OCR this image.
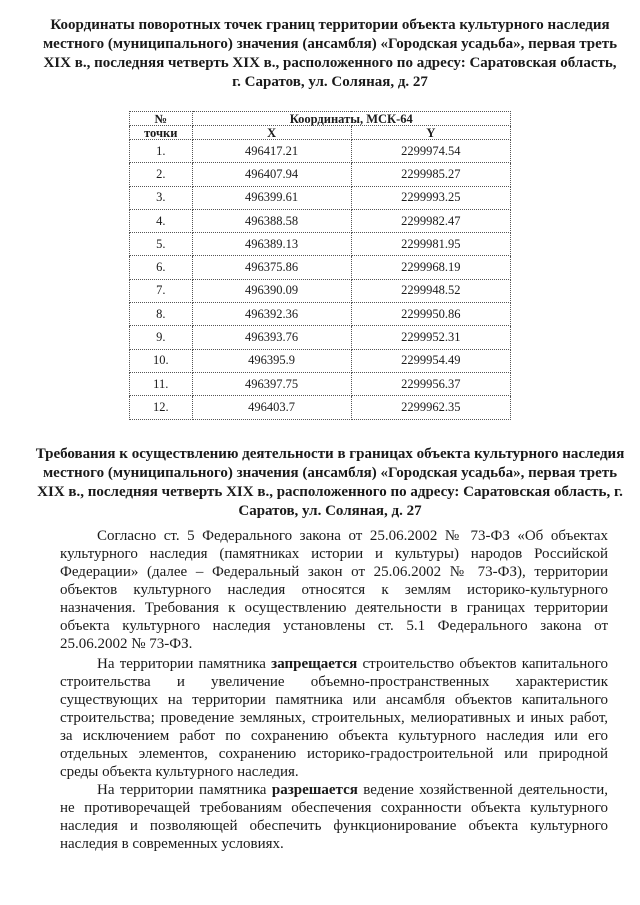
Координаты поворотных точек границ территории объекта культурного наследия местного (муниципального) значения (ансамбля) «Городская усадьба», первая треть XIX в., последняя четверть XIX в., расположенного по адресу: Саратовская область, г. Саратов, ул. Соляная, д. 27
№	Координаты, МСК-64	
точки	X	Y
1.	496417.21	2299974.54
2.	496407.94	2299985.27
3.	496399.61	2299993.25
4.	496388.58	2299982.47
5.	496389.13	2299981.95
6.	496375.86	2299968.19
7.	496390.09	2299948.52
8.	496392.36	2299950.86
9.	496393.76	2299952.31
10.	496395.9	2299954.49
11.	496397.75	2299956.37
12.	496403.7	2299962.35
Требования к осуществлению деятельности в границах объекта культурного наследия местного (муниципального) значения (ансамбля) «Городская усадьба», первая треть XIX в., последняя четверть XIX в., расположенного по адресу: Саратовская область, г. Саратов, ул. Соляная, д. 27
Согласно ст. 5 Федерального закона от 25.06.2002 № 73-ФЗ «Об объектах культурного наследия (памятниках истории и культуры) народов Российской Федерации» (далее – Федеральный закон от 25.06.2002 № 73-ФЗ), территории объектов культурного наследия относятся к землям историко-культурного назначения. Требования к осуществлению деятельности в границах территории объекта культурного наследия установлены ст. 5.1 Федерального закона от 25.06.2002 № 73-ФЗ.
На территории памятника запрещается строительство объектов капитального строительства и увеличение объемно-пространственных характеристик существующих на территории памятника или ансамбля объектов капитального строительства; проведение земляных, строительных, мелиоративных и иных работ, за исключением работ по сохранению объекта культурного наследия или его отдельных элементов, сохранению историко-градостроительной или природной среды объекта культурного наследия.
На территории памятника разрешается ведение хозяйственной деятельности, не противоречащей требованиям обеспечения сохранности объекта культурного наследия и позволяющей обеспечить функционирование объекта культурного наследия в современных условиях.
